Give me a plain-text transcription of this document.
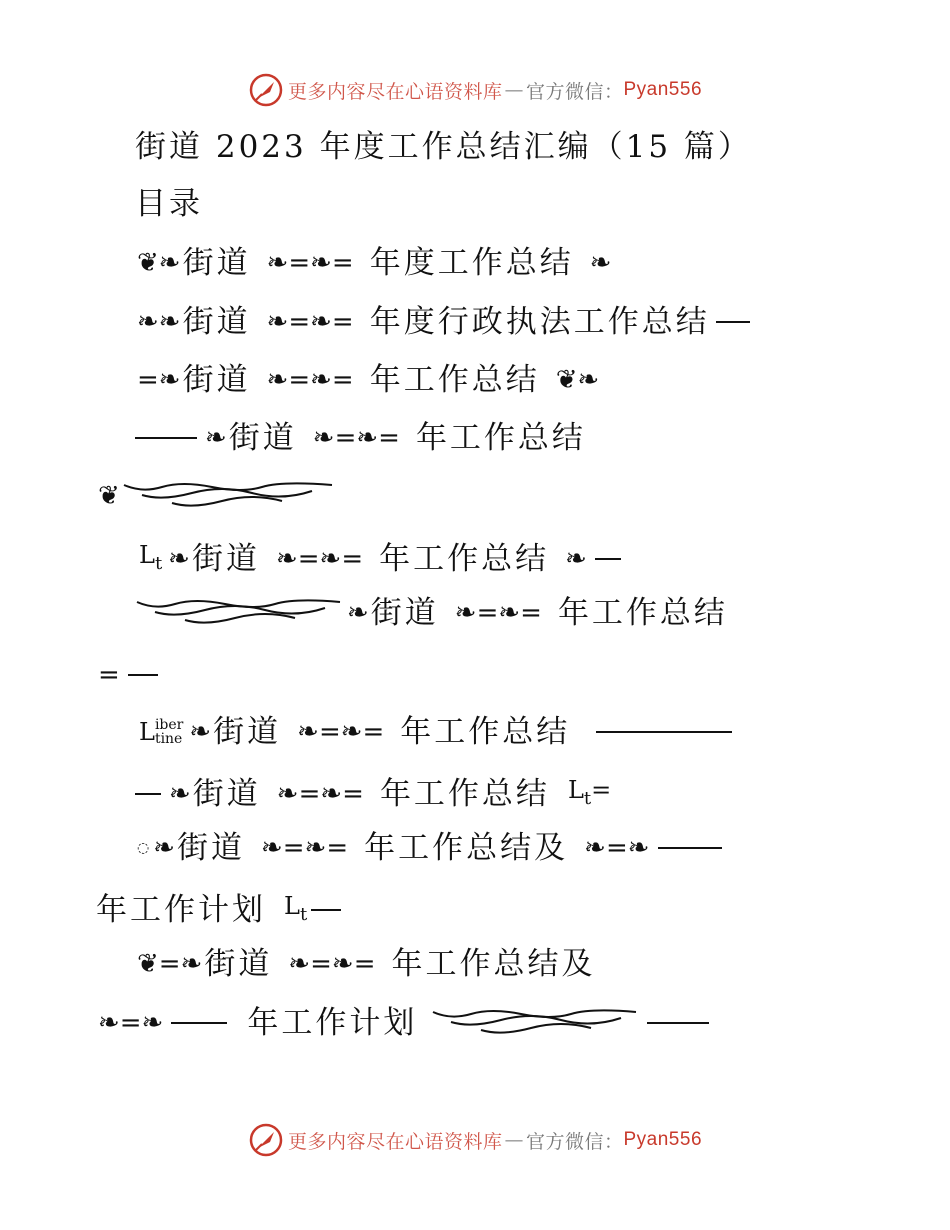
更多内容尽在心语资料库 — 官方微信： Pyan556
街道 2023 年度工作总结汇编（15 篇）
目录
❦❧ 街道 ❧=❧= 年度工作总结 ❧
❧❧ 街道 ❧=❧= 年度行政执法工作总结
=❧ 街道 ❧=❧= 年工作总结 ❦❧
❧ 街道 ❧=❧= 年工作总结
❦
$L_t$ ❧ 街道 ❧=❧= 年工作总结 ❧
❧ 街道 ❧=❧= 年工作总结
=
L iber
tine ❧ 街道 ❧=❧= 年工作总结
❧ 街道 ❧=❧= 年工作总结 $L_t=$
◌ ❧ 街道 ❧=❧= 年工作总结及 ❧=❧
年工作计划 $L_t$
❦=❧ 街道 ❧=❧= 年工作总结及
❧=❧	年工作计划
更多内容尽在心语资料库 — 官方微信： Pyan556
